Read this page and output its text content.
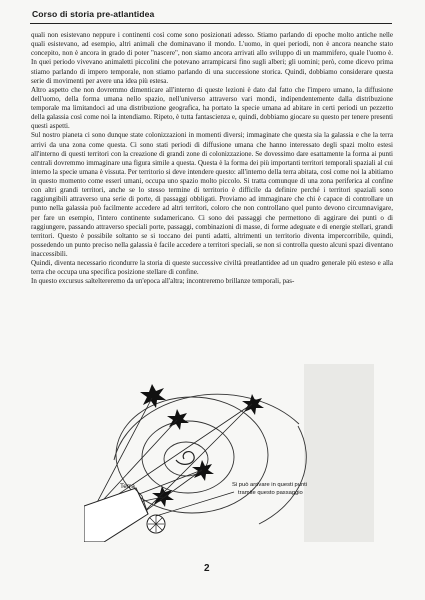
Corso di storia pre-atlantidea

quali non esistevano neppure i continenti così come sono posizionati adesso. Stiamo parlando di epoche molto antiche nelle quali esistevano, ad esempio, altri animali che dominavano il mondo. L'uomo, in quei periodi, non è ancora neanche stato concepito, non è ancora in grado di poter "nascere", non siamo ancora arrivati allo sviluppo di un mammifero, quale l'uomo è. In quei periodo vivevano animaletti piccolini che potevano arrampicarsi fino sugli alberi; gli uomini; però, come dicevo prima stiamo parlando di impero temporale, non stiamo parlando di una successione storica. Quindi, dobbiamo considerare questa serie di movimenti per avere una idea più estesa.

Altro aspetto che non dovremmo dimenticare all'interno di queste lezioni è dato dal fatto che l'impero umano, la diffusione dell'uomo, della forma umana nello spazio, nell'universo attraverso vari mondi, indipendentemente dalla distribuzione temporale ma limitandoci ad una distribuzione geografica, ha portato la specie umana ad abitare in certi periodi un pezzetto della galassia così come noi la intendiamo. Ripeto, è tutta fantascienza e, quindi, dobbiamo giocare su questo per tenere presenti questi aspetti.

Sul nostro pianeta ci sono dunque state colonizzazioni in momenti diversi; immaginate che questa sia la galassia e che la terra arrivi da una zona come questa. Ci sono stati periodi di diffusione umana che hanno interessato degli spazi molto estesi all'interno di questi territori con la creazione di grandi zone di colonizzazione. Se dovessimo dare esattamente la forma ai punti centrali dovremmo immaginare una figura simile a questa. Questa è la forma dei più importanti territori temporali spaziali al cui interno la specie umana è vissuta. Per territorio si deve intendere questo: all'interno della terra abitata, così come noi la abitiamo in questo momento come esseri umani, occupa uno spazio molto piccolo. Si tratta comunque di una zona periferica al confine con altri grandi territori, anche se lo stesso termine di territorio è difficile da definire perché i territori spaziali sono raggiungibili attraverso una serie di porte, di passaggi obbligati. Proviamo ad immaginare che chi è capace di controllare un punto nella galassia può facilmente accedere ad altri territori, coloro che non controllano quel punto devono circumnavigare, per fare un esempio, l'intero continente sudamericano. Ci sono dei passaggi che permettono di aggirare dei punti o di raggiungere, passando attraverso speciali porte, passaggi, combinazioni di masse, di forme adeguate e di energie stellari, grandi territori. Questo è possibile soltanto se si toccano dei punti adatti, altrimenti un territorio diventa impercorribile, quindi, possedendo un punto preciso nella galassia è facile accedere a territori speciali, se non si controlla questo alcuni spazi diventano inaccessibili.

Quindi, diventa necessario ricondurre la storia di queste successive civiltà preatlantidee ad un quadro generale più esteso e alla terra che occupa una specifica posizione stellare di confine.

In questo excursus salteltereremo da un'epoca all'altra; incontreremo brillanze temporali, pas-

Terra	Si può arrivare in questi punti
tramite questo passaggio
2
